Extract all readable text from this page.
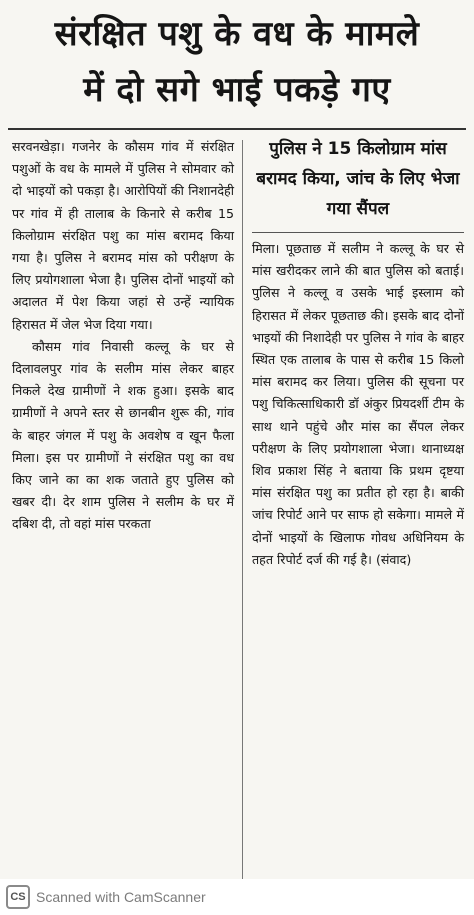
संरक्षित पशु के वध के मामले
में दो सगे भाई पकड़े गए

सरवनखेड़ा। गजनेर के कौसम गांव में संरक्षित पशुओं के वध के मामले में पुलिस ने सोमवार को दो भाइयों को पकड़ा है। आरोपियों की निशानदेही पर गांव में ही तालाब के किनारे से करीब 15 किलोग्राम संरक्षित पशु का मांस बरामद किया गया है। पुलिस ने बरामद मांस को परीक्षण के लिए प्रयोगशाला भेजा है। पुलिस दोनों भाइयों को अदालत में पेश किया जहां से उन्हें न्यायिक हिरासत में जेल भेज दिया गया।

कौसम गांव निवासी कल्लू के घर से दिलावलपुर गांव के सलीम मांस लेकर बाहर निकले देख ग्रामीणों ने शक हुआ। इसके बाद ग्रामीणों ने अपने स्तर से छानबीन शुरू की, गांव के बाहर जंगल में पशु के अवशेष व खून फैला मिला। इस पर ग्रामीणों ने संरक्षित पशु का वध किए जाने का का शक जताते हुए पुलिस को खबर दी। देर शाम पुलिस ने सलीम के घर में दबिश दी, तो वहां मांस परकता

पुलिस ने 15 किलोग्राम मांस बरामद किया, जांच के लिए भेजा गया सैंपल

मिला। पूछताछ में सलीम ने कल्लू के घर से मांस खरीदकर लाने की बात पुलिस को बताई। पुलिस ने कल्लू व उसके भाई इस्लाम को हिरासत में लेकर पूछताछ की। इसके बाद दोनों भाइयों की निशादेही पर पुलिस ने गांव के बाहर स्थित एक तालाब के पास से करीब 15 किलो मांस बरामद कर लिया। पुलिस की सूचना पर पशु चिकित्साधिकारी डॉ अंकुर प्रियदर्शी टीम के साथ थाने पहुंचे और मांस का सैंपल लेकर परीक्षण के लिए प्रयोगशाला भेजा। थानाध्यक्ष शिव प्रकाश सिंह ने बताया कि प्रथम दृष्टया मांस संरक्षित पशु का प्रतीत हो रहा है। बाकी जांच रिपोर्ट आने पर साफ हो सकेगा। मामले में दोनों भाइयों के खिलाफ गोवध अधिनियम के तहत रिपोर्ट दर्ज की गई है। (संवाद)

CS Scanned with CamScanner
